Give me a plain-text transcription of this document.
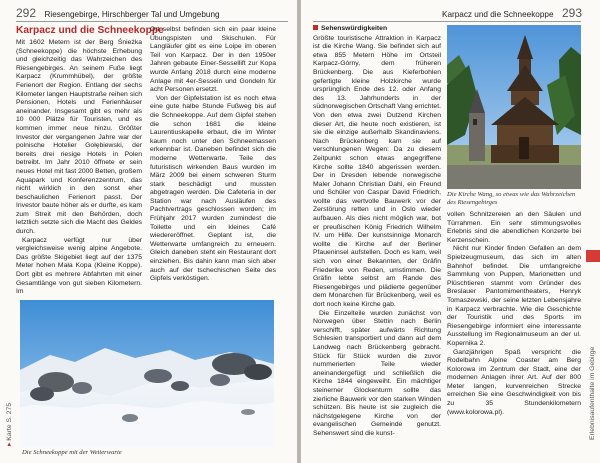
292 Riesengebirge, Hirschberger Tal und Umgebung
Karpacz und die Schneekoppe

Mit 1602 Metern ist der Berg Śnieżka (Schneekoppe) die höchste Erhebung und gleichzeitig das Wahrzeichen des Riesengebirges. An seinem Fuße liegt Karpacz (Krummhübel), der größte Ferienort der Region. Entlang der sechs Kilometer langen Hauptstraße reihen sich Pensionen, Hotels und Ferienhäuser aneinander. Insgesamt gibt es mehr als 10 000 Plätze für Touristen, und es kommen immer neue hinzu. Größter Investor der vergangenen Jahre war der polnische Hotelier Gołębiewski, der bereits drei riesige Hotels in Polen betreibt. Im Jahr 2010 öffnete er sein neues Hotel mit fast 2000 Betten, großem Aquapark und Konferenzzentrum, das nicht wirklich in den sonst eher beschaulichen Ferienort passt. Der Investor baute höher als er durfte, es kam zum Streit mit den Behörden, doch letztlich setzte sich die Macht des Geldes durch.

Karpacz verfügt nur über vergleichsweise wenig alpine Angebote. Das größte Skigebiet liegt auf der 1375 Meter hohen Mała Kopa (Kleine Koppe). Dort gibt es mehrere Abfahrten mit einer Gesamtlänge von gut sieben Kilometern. Im

Ort selbst befinden sich ein paar kleine Übungspisten und Skischulen. Für Langläufer gibt es eine Loipe im oberen Teil von Karpacz. Der in den 1950er Jahren gebaute Einer-Sessellift zur Kopa wurde Anfang 2018 durch eine moderne Anlage mit 4er-Sesseln und Gondeln für acht Personen ersetzt.

Von der Gipfelstation ist es noch etwa eine gute halbe Stunde Fußweg bis auf die Schneekoppe. Auf dem Gipfel stehen die schon 1681 die kleine Laurentiuskapelle erbaut, die im Winter kaum noch unter den Schneemassen erkennbar ist. Daneben befindet sich die moderne Wetterwarte. Teile des futuristisch wirkenden Baus wurden im März 2009 bei einem schweren Sturm stark beschädigt und mussten abgetragen werden. Die Cafeteria in der Station war nach Ausläufen des Pachtvertrags geschlossen worden; im Frühjahr 2017 wurden zumindest die Toilette und ein kleines Café wiedereröffnet. Geplant ist, die Wetterwarte umfangreich zu erneuern. Gleich daneben steht ein Restaurant dort einziehen. Bis dahin kann man sich aber auch auf der tschechischen Seite des Gipfels verköstigen.

Die Schneekoppe mit der Wetterwarte
▸ Karte S. 275
Karpacz und die Schneekoppe 293

Sehenswürdigkeiten

Größte touristische Attraktion in Karpacz ist die Kirche Wang. Sie befindet sich auf etwa 855 Metern Höhe im Ortsteil Karpacz-Górny, dem früheren Brückenberg. Die aus Kieferbohlen gefertigte kleine Holzkirche wurde ursprünglich Ende des 12. oder Anfang des 13. Jahrhunderts in der südnorwegischen Ortschaft Vang errichtet. Von den etwa zwei Dutzend Kirchen dieser Art, die heute noch existieren, ist sie die einzige außerhalb Skandinaviens. Nach Brückenberg kam sie auf verschlungenen Wegen: Da zu diesem Zeitpunkt schon etwas angegriffene Kirche sollte 1840 abgerissen werden. Der in Dresden lebende norwegische Maler Johann Christian Dahl, ein Freund und Schüler von Caspar David Friedrich, wollte das wertvolle Bauwerk vor der Zerstörung retten und in Oslo wieder aufbauen. Als dies nicht möglich war, bot er preußischen König Friedrich Wilhelm IV. um Hilfe. Der kunstsinnige Monarch wollte die Kirche auf der Berliner Pfaueninsel aufstellen. Doch es kam, weil sich von einer Bekannten, der Gräfin Friederike von Reden, umstimmen. Die Gräfin lebte selbst am Rande des Riesengebirges und plädierte gegenüber dem Monarchen für Brückenberg, weil es dort noch keine Kirche gab.

Die Einzelteile wurden zunächst von Norwegen über Stettin nach Berlin verschifft, später aufwärts Richtung Schlesien transportiert und dann auf dem Landweg nach Brückenberg gebracht. Stück für Stück wurden die zuvor nummerierten Teile wieder aneinandergefügt und schließlich die Kirche 1844 eingeweiht. Ein mächtiger steinerner Glockenturm sollte das zierliche Bauwerk vor den starken Winden schützen. Bis heute ist sie zugleich die nächstgelegene Kirche von der evangelischen Gemeinde genutzt. Sehenswert sind die kunst-

Die Kirche Wang, so etwas wie das Wahrzeichen des Riesengebirges

vollen Schnitzereien an den Säulen und Türrahmen. Ein sehr stimmungsvolles Erlebnis sind die abendlichen Konzerte bei Kerzenschein.

Nicht nur Kinder finden Gefallen an dem Spielzeugmuseum, das sich im alten Bahnhof befindet. Die umfangreiche Sammlung von Puppen, Marionetten und Plüschtieren stammt vom Gründer des Breslauer Pantomimentheaters, Henryk Tomaszewski, der seine letzten Lebensjahre in Karpacz verbrachte. Wie die Geschichte der Touristik und des Sports im Riesengebirge informiert eine interessante Ausstellung im Regionalmuseum an der ul. Kopernika 2.

Ganzjährigen Spaß verspricht die Rodelbahn Alpine Coaster am Berg Kolorowa im Zentrum der Stadt, eine der modernen Anlagen ihrer Art. Auf der 800 Meter langen, kurvenreichen Strecke erreichen Sie eine Geschwindigkeit von bis zu 35 Stundenkilometern (www.kolorowa.pl).	Erlebnisaufenthalte im Gebirge
